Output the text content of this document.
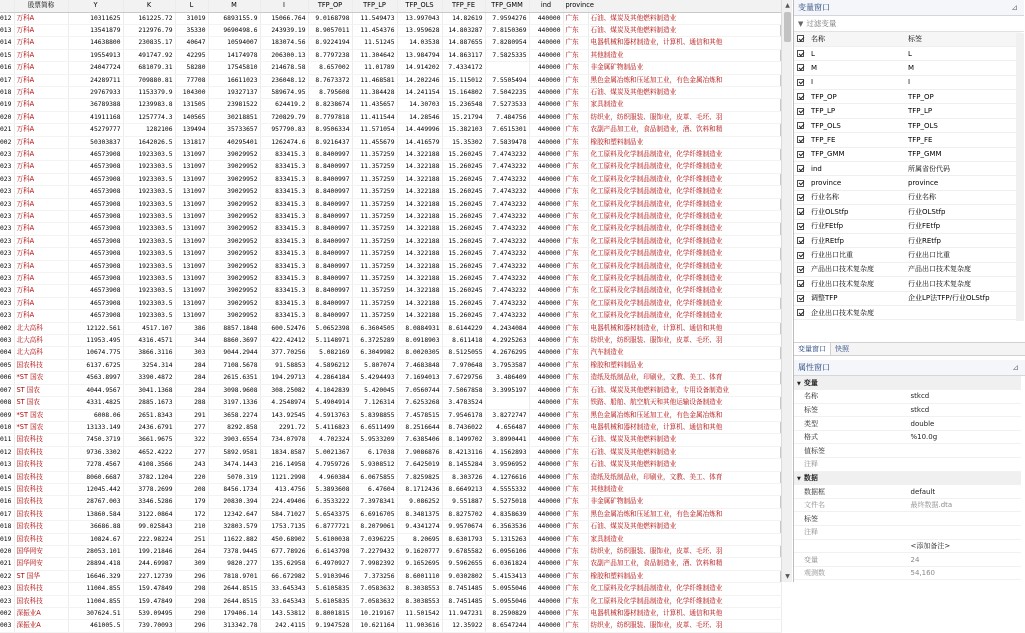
	股票简称	Y	K	L	M	I	TFP_OP	TFP_LP	TFP_OLS	TFP_FE	TFP_GMM	ind	province	
012	万科A	10311625	161225.72	31019	6893155.9	15066.764	9.0168798	11.549473	13.997043	14.82619	7.9594276	440000	广东	石油、煤炭及其他燃料制造业
013	万科A	13541879	212976.79	35330	9690498.6	243939.19	8.9057011	11.454376	13.959628	14.803287	7.8150369	440000	广东	石油、煤炭及其他燃料制造业
014	万科A	14638800	230835.17	40647	10594007	183074.56	8.9224194	11.51245	14.03538	14.887655	7.8280954	440000	广东	电器机械和器材制造业，计算机、通信和其他
015	万科A	19554913	491747.92	42295	14174978	206300.13	8.7797238	11.304642	13.984794	14.863117	7.5825335	440000	广东	其他制造业
016	万科A	24047724	681079.31	58280	17545810	214678.58	8.657002	11.01789	14.914202	7.4334172		440000	广东	非金属矿物制品业
017	万科A	24289711	709880.81	77708	16611023	236048.12	8.7673372	11.468581	14.202246	15.115012	7.5505494	440000	广东	黑色金属冶炼和压延加工业，有色金属冶炼和
018	万科A	29767933	1153379.9	104300	19327137	589674.95	8.795608	11.384428	14.241154	15.164802	7.5042235	440000	广东	石油、煤炭及其他燃料制造业
019	万科A	36789388	1239983.8	131505	23981522	624419.2	8.8238674	11.435657	14.30703	15.236548	7.5273533	440000	广东	家具制造业
020	万科A	41911168	1257774.3	140565	30218851	720829.79	8.7797818	11.411544	14.28546	15.21794	7.484756	440000	广东	纺织业，纺织服装、服饰业，皮革、毛坯、羽
021	万科A	45279777	1282106	139494	35733657	957790.83	8.9506334	11.571054	14.449996	15.382103	7.6515301	440000	广东	农副产品加工业，食品制造业，酒、饮料和精
002	万科A	50303837	1642026.5	131817	40295401	1262474.6	8.9216437	11.455679	14.416579	15.35302	7.5839478	440000	广东	橡胶和塑料制品业
023	万科A	46573908	1923303.5	131097	39029952	833415.3	8.8400997	11.357259	14.322188	15.260245	7.4743232	440000	广东	化工原料及化学制品制造业，化学纤维制造业
023	万科A	46573908	1923303.5	131097	39029952	833415.3	8.8400997	11.357259	14.322188	15.260245	7.4743232	440000	广东	化工原料及化学制品制造业，化学纤维制造业
023	万科A	46573908	1923303.5	131097	39029952	833415.3	8.8400997	11.357259	14.322188	15.260245	7.4743232	440000	广东	化工原料及化学制品制造业，化学纤维制造业
023	万科A	46573908	1923303.5	131097	39029952	833415.3	8.8400997	11.357259	14.322188	15.260245	7.4743232	440000	广东	化工原料及化学制品制造业，化学纤维制造业
023	万科A	46573908	1923303.5	131097	39029952	833415.3	8.8400997	11.357259	14.322188	15.260245	7.4743232	440000	广东	化工原料及化学制品制造业，化学纤维制造业
023	万科A	46573908	1923303.5	131097	39029952	833415.3	8.8400997	11.357259	14.322188	15.260245	7.4743232	440000	广东	化工原料及化学制品制造业，化学纤维制造业
023	万科A	46573908	1923303.5	131097	39029952	833415.3	8.8400997	11.357259	14.322188	15.260245	7.4743232	440000	广东	化工原料及化学制品制造业，化学纤维制造业
023	万科A	46573908	1923303.5	131097	39029952	833415.3	8.8400997	11.357259	14.322188	15.260245	7.4743232	440000	广东	化工原料及化学制品制造业，化学纤维制造业
023	万科A	46573908	1923303.5	131097	39029952	833415.3	8.8400997	11.357259	14.322188	15.260245	7.4743232	440000	广东	化工原料及化学制品制造业，化学纤维制造业
023	万科A	46573908	1923303.5	131097	39029952	833415.3	8.8400997	11.357259	14.322188	15.260245	7.4743232	440000	广东	化工原料及化学制品制造业，化学纤维制造业
023	万科A	46573908	1923303.5	131097	39029952	833415.3	8.8400997	11.357259	14.322188	15.260245	7.4743232	440000	广东	化工原料及化学制品制造业，化学纤维制造业
023	万科A	46573908	1923303.5	131097	39029952	833415.3	8.8400997	11.357259	14.322188	15.260245	7.4743232	440000	广东	化工原料及化学制品制造业，化学纤维制造业
023	万科A	46573908	1923303.5	131097	39029952	833415.3	8.8400997	11.357259	14.322188	15.260245	7.4743232	440000	广东	化工原料及化学制品制造业，化学纤维制造业
023	万科A	46573908	1923303.5	131097	39029952	833415.3	8.8400997	11.357259	14.322188	15.260245	7.4743232	440000	广东	化工原料及化学制品制造业，化学纤维制造业
002	北大高科	12122.561	4517.107	386	8857.1848	600.52476	5.0652398	6.3604505	8.0884931	8.6144229	4.2434084	440000	广东	电器机械和器材制造业，计算机、通信和其他
003	北大高科	11953.495	4316.4571	344	8860.3697	422.42412	5.1148971	6.3725289	8.0918903	8.611418	4.2925263	440000	广东	纺织业，纺织服装、服饰业，皮革、毛坯、羽
004	北大高科	10674.775	3866.3116	303	9044.2944	377.70256	5.082169	6.3049982	8.0020305	8.5125055	4.2676295	440000	广东	汽车制造业
005	国农科技	6137.6725	3254.314	284	7108.5678	91.58853	4.5896212	5.807074	7.4683848	7.970648	3.7953587	440000	广东	橡胶和塑料制品业
006	*ST 国农	4563.8997	3390.4872	284	2615.6351	194.29713	4.2864184	5.4294493	7.1694013	7.6729756	3.486409	440000	广东	造纸及纸制品业，印刷业，文教、美工、体育
007	ST 国农	4044.9567	3041.1368	284	3098.9608	308.25082	4.1042839	5.420045	7.0560744	7.5067858	3.3995197	440000	广东	石油、煤炭及其他燃料制造业，专用设备制造业
008	ST 国农	4331.4825	2885.1673	288	3197.1336	4.2548974	5.4904914	7.126314	7.6253268	3.4783524		440000	广东	铁路、船舶、航空航天和其他运输设备制造业
009	*ST 国农	6008.06	2651.8343	291	3658.2274	143.92545	4.5913763	5.8398855	7.4578515	7.9546178	3.8272747	440000	广东	黑色金属冶炼和压延加工业，有色金属冶炼和
010	*ST 国农	13133.149	2436.6791	277	8292.858	2291.72	5.4116823	6.6511499	8.2516644	8.7436022	4.656487	440000	广东	电器机械和器材制造业，计算机、通信和其他
011	国农科技	7450.3719	3661.9675	322	3903.6554	734.07978	4.702324	5.9533209	7.6385406	8.1499702	3.8990441	440000	广东	石油、煤炭及其他燃料制造业
012	国农科技	9736.3302	4652.4222	277	5892.9581	1834.8587	5.0021367	6.17038	7.9086876	8.4213116	4.1562893	440000	广东	石油、煤炭及其他燃料制造业
013	国农科技	7278.4567	4108.3566	243	3474.1443	216.14958	4.7959726	5.9308512	7.6425019	8.1455284	3.9596952	440000	广东	石油、煤炭及其他燃料制造业
014	国农科技	8060.6687	3782.1204	220	5070.319	1121.2998	4.960384	6.0675855	7.8259825	8.303726	4.1276616	440000	广东	造纸及纸制品业，印刷业，文教、美工、体育
015	国农科技	12045.442	3778.2699	208	8456.1734	413.4756	5.3893608	6.47604	8.1712436	8.6649213	4.5555332	440000	广东	其他制造业
016	国农科技	28767.003	3346.5286	179	20830.394	224.49406	6.3533222	7.3978341	9.086252	9.551887	5.5275018	440000	广东	非金属矿物制品业
017	国农科技	13860.584	3122.0864	172	12342.647	584.71027	5.6543375	6.6916705	8.3481375	8.8275702	4.8358639	440000	广东	黑色金属冶炼和压延加工业，有色金属冶炼和
018	国农科技	36686.88	99.025843	210	32803.579	1753.7135	6.8777721	8.2079061	9.4341274	9.9570674	6.3563536	440000	广东	石油、煤炭及其他燃料制造业
019	国农科技	10824.67	222.98224	251	11622.882	450.68902	5.6100038	7.0396225	8.20695	8.6301793	5.1315263	440000	广东	家具制造业
020	国华网安	28053.101	199.21846	264	7378.9445	677.78926	6.6143798	7.2279432	9.1620777	9.6785582	6.0956106	440000	广东	纺织业，纺织服装、服饰业，皮革、毛坯、羽
021	国华网安	28894.418	244.69987	309	9820.277	135.62958	6.4970927	7.9982392	9.1652695	9.5962655	6.0361824	440000	广东	农副产品加工业，食品制造业，酒、饮料和精
022	ST 国华	16646.329	227.12739	296	7818.9701	66.672982	5.9103946	7.373256	8.6001110	9.0302802	5.4153413	440000	广东	橡胶和塑料制品业
023	国农科技	11004.855	159.47849	298	2644.8515	33.645343	5.6105835	7.0583632	8.3038553	8.7451485	5.0955046	440000	广东	化工原料及化学制品制造业，化学纤维制造业
023	国农科技	11004.855	159.47849	298	2644.8515	33.645343	5.6105835	7.0583632	8.3038553	8.7451485	5.0955046	440000	广东	化工原料及化学制品制造业，化学纤维制造业
002	深振业A	307624.51	539.09495	290	179406.14	143.53812	8.8001815	10.219167	11.501542	11.947231	8.2590829	440000	广东	电器机械和器材制造业，计算机、通信和其他
003	深振业A	461005.5	739.70093	296	313342.78	242.4115	9.1947528	10.621164	11.903616	12.35922	8.6547244	440000	广东	纺织业，纺织服装、服饰业，皮革、毛坯、羽
▲
▼
变量窗口	⊿
▼
过滤变量
	名称	标签
	L	L
	M	M
	I	I
	TFP_OP	TFP_OP
	TFP_LP	TFP_LP
	TFP_OLS	TFP_OLS
	TFP_FE	TFP_FE
	TFP_GMM	TFP_GMM
	ind	所属省份代码
	province	province
	行业名称	行业名称
	行业OLStfp	行业OLStfp
	行业FEtfp	行业FEtfp
	行业REtfp	行业REtfp
	行业出口比重	行业出口比重
	产品出口技术复杂度	产品出口技术复杂度
	行业出口技术复杂度	行业出口技术复杂度
	调整TFP	企业LP法TFP/行业OLStfp
	企业出口技术复杂度	
变量窗口	快照
属性窗口	⊿
▼ 变量	
名称	stkcd
标签	stkcd
类型	double
格式	%10.0g
值标签	
注释	
▼ 数据	
数据框	default
文件名	最终数据.dta
标签	
注释	
	<添加备注>
变量	24
观测数	54,160
